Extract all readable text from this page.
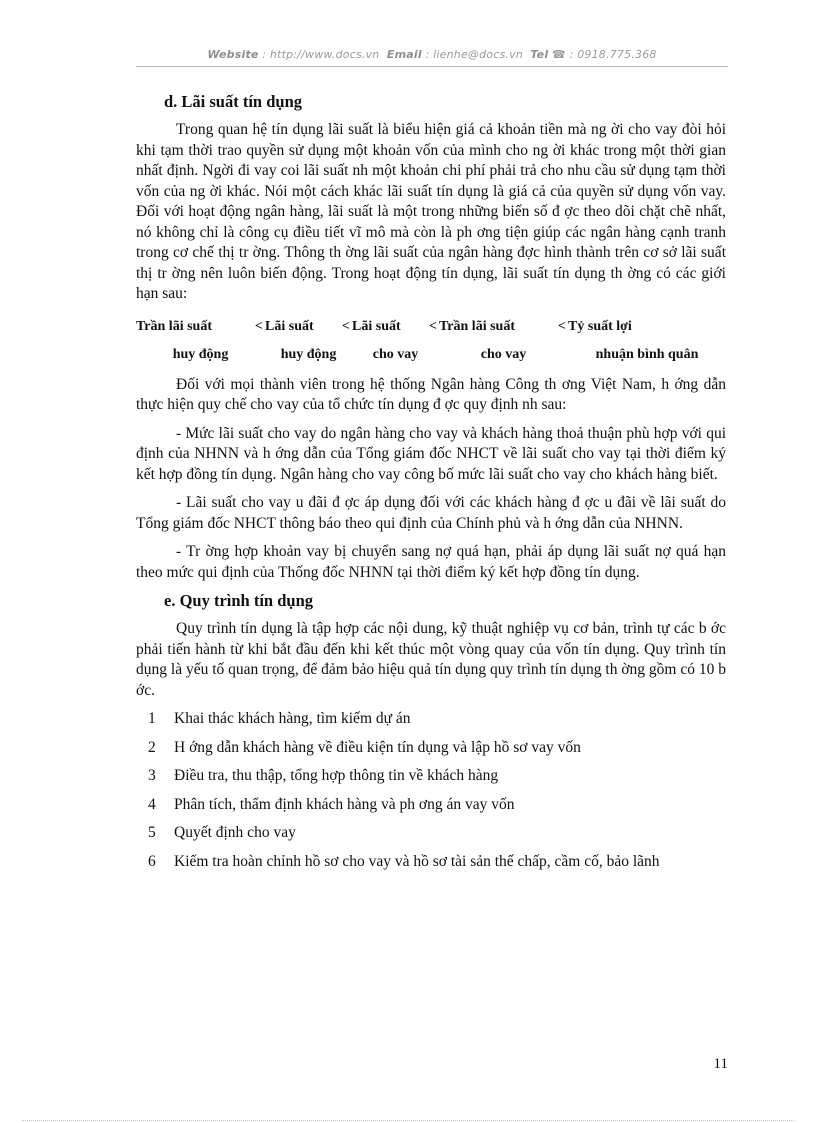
Website : http://www.docs.vn Email : lienhe@docs.vn Tel ☎ : 0918.775.368
d. Lãi suất tín dụng

Trong quan hệ tín dụng lãi suất là biểu hiện giá cả khoản tiền mà ng ời cho vay đòi hỏi khi tạm thời trao quyền sử dụng một khoản vốn của mình cho ng ời khác trong một thời gian nhất định. Ngời đi vay coi lãi suất nh một khoản chi phí phải trả cho nhu cầu sử dụng tạm thời vốn của ng ời khác. Nói một cách khác lãi suất tín dụng là giá cả của quyền sử dụng vốn vay. Đối với hoạt động ngân hàng, lãi suất là một trong những biến số đ ợc theo dõi chặt chẽ nhất, nó không chỉ là công cụ điều tiết vĩ mô mà còn là ph ơng tiện giúp các ngân hàng cạnh tranh trong cơ chế thị tr ờng. Thông th ờng lãi suất của ngân hàng đợc hình thành trên cơ sở lãi suất thị tr ờng nên luôn biến động. Trong hoạt động tín dụng, lãi suất tín dụng th ờng có các giới hạn sau:

Trần lãi suất	<	Lãi suất	<	Lãi suất	<	Trần lãi suất	<	Tỷ suất lợi
huy động		huy động		cho vay		cho vay		nhuận bình quân

Đối với mọi thành viên trong hệ thống Ngân hàng Công th ơng Việt Nam, h ớng dẫn thực hiện quy chế cho vay của tổ chức tín dụng đ ợc quy định nh sau:

- Mức lãi suất cho vay do ngân hàng cho vay và khách hàng thoả thuận phù hợp với qui định của NHNN và h ớng dẫn của Tổng giám đốc NHCT về lãi suất cho vay tại thời điểm ký kết hợp đồng tín dụng. Ngân hàng cho vay công bố mức lãi suất cho vay cho khách hàng biết.

- Lãi suất cho vay u đãi đ ợc áp dụng đối với các khách hàng đ ợc u đãi về lãi suất do Tổng giám đốc NHCT thông báo theo qui định của Chính phủ và h ớng dẫn của NHNN.

- Tr ờng hợp khoản vay bị chuyển sang nợ quá hạn, phải áp dụng lãi suất nợ quá hạn theo mức qui định của Thống đốc NHNN tại thời điểm ký kết hợp đồng tín dụng.

e. Quy trình tín dụng

Quy trình tín dụng là tập hợp các nội dung, kỹ thuật nghiệp vụ cơ bản, trình tự các b ớc phải tiến hành từ khi bắt đầu đến khi kết thúc một vòng quay của vốn tín dụng. Quy trình tín dụng là yếu tố quan trọng, để đảm bảo hiệu quả tín dụng quy trình tín dụng th ờng gồm có 10 b ớc.

1	Khai thác khách hàng, tìm kiếm dự án
2	H ớng dẫn khách hàng về điều kiện tín dụng và lập hồ sơ vay vốn
3	Điều tra, thu thập, tổng hợp thông tin về khách hàng
4	Phân tích, thẩm định khách hàng và ph ơng án vay vốn
5	Quyết định cho vay
6	Kiểm tra hoàn chỉnh hồ sơ cho vay và hồ sơ tài sản thế chấp, cầm cố, bảo lãnh
11
